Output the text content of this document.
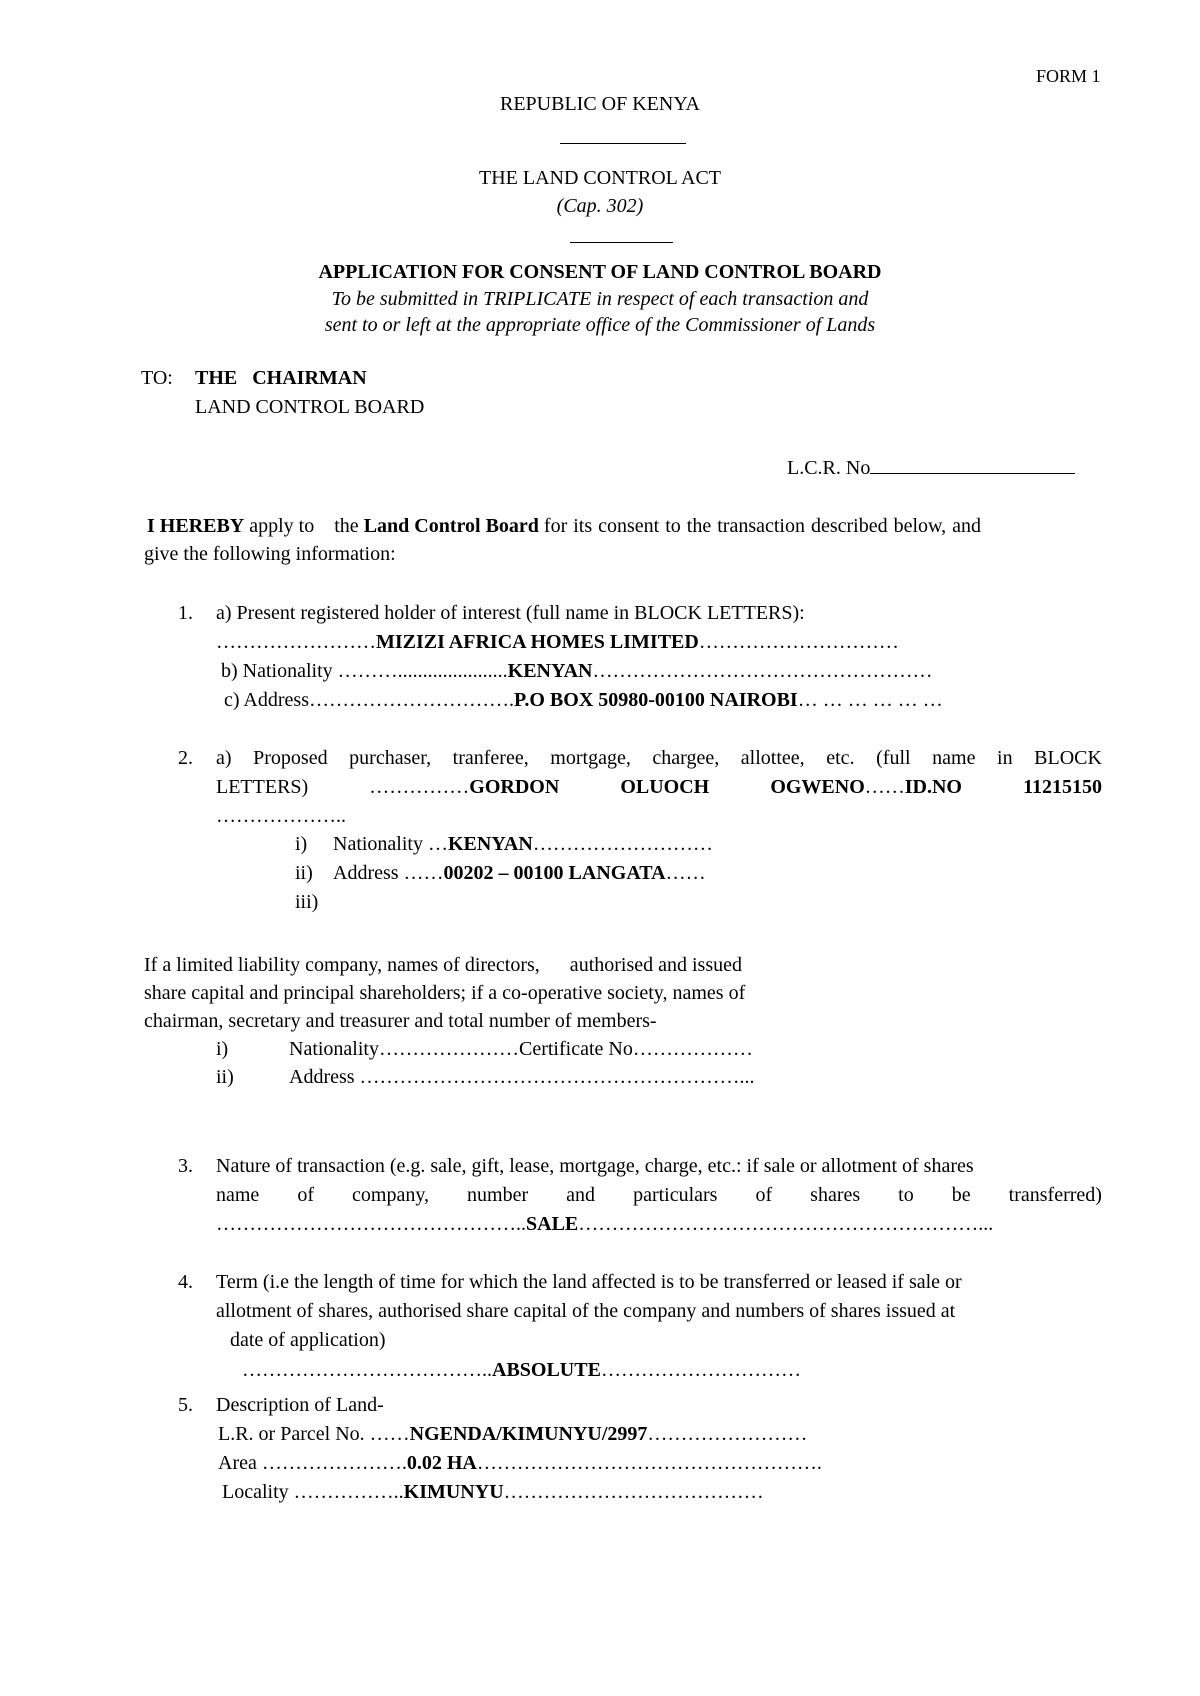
FORM 1
REPUBLIC OF KENYA
THE LAND CONTROL ACT
(Cap. 302)
APPLICATION FOR CONSENT OF LAND CONTROL BOARD
To be submitted in TRIPLICATE in respect of each transaction and
sent to or left at the appropriate office of the Commissioner of Lands
TO: THE   CHAIRMAN
LAND CONTROL BOARD
L.C.R. No
I HEREBY apply to the Land Control Board for its consent to the transaction described below, and
give the following information:
1. a) Present registered holder of interest (full name in BLOCK LETTERS):
……………………MIZIZI AFRICA HOMES LIMITED…………………………
b) Nationality ………......................KENYAN……………………………………………
c) Address………………………….P.O BOX 50980-00100 NAIROBI… … … … … …
2. a) Proposed purchaser, tranferee, mortgage, chargee, allottee, etc. (full name in BLOCK
LETTERS)	……………GORDON	OLUOCH	OGWENO……ID.NO	11215150
………………..
i) Nationality …KENYAN………………………
ii) Address ……00202 – 00100 LANGATA……
iii)
If a limited liability company, names of directors,      authorised and issued
share capital and principal shareholders; if a co-operative society, names of
chairman, secretary and treasurer and total number of members-
i)	Nationality…………………Certificate No………………
ii)	Address …………………………………………………...
3. Nature of transaction (e.g. sale, gift, lease, mortgage, charge, etc.: if sale or allotment of shares
name of company, number and particulars of shares to be transferred)
………………………………………..SALE……………………………………………………...
4. Term (i.e the length of time for which the land affected is to be transferred or leased if sale or
allotment of shares, authorised share capital of the company and numbers of shares issued at
date of application)
………………………………..ABSOLUTE…………………………
5. Description of Land-
L.R. or Parcel No. ……NGENDA/KIMUNYU/2997……………………
Area ………………….0.02 HA…………………………………………….
Locality ……………..KIMUNYU…………………………………
